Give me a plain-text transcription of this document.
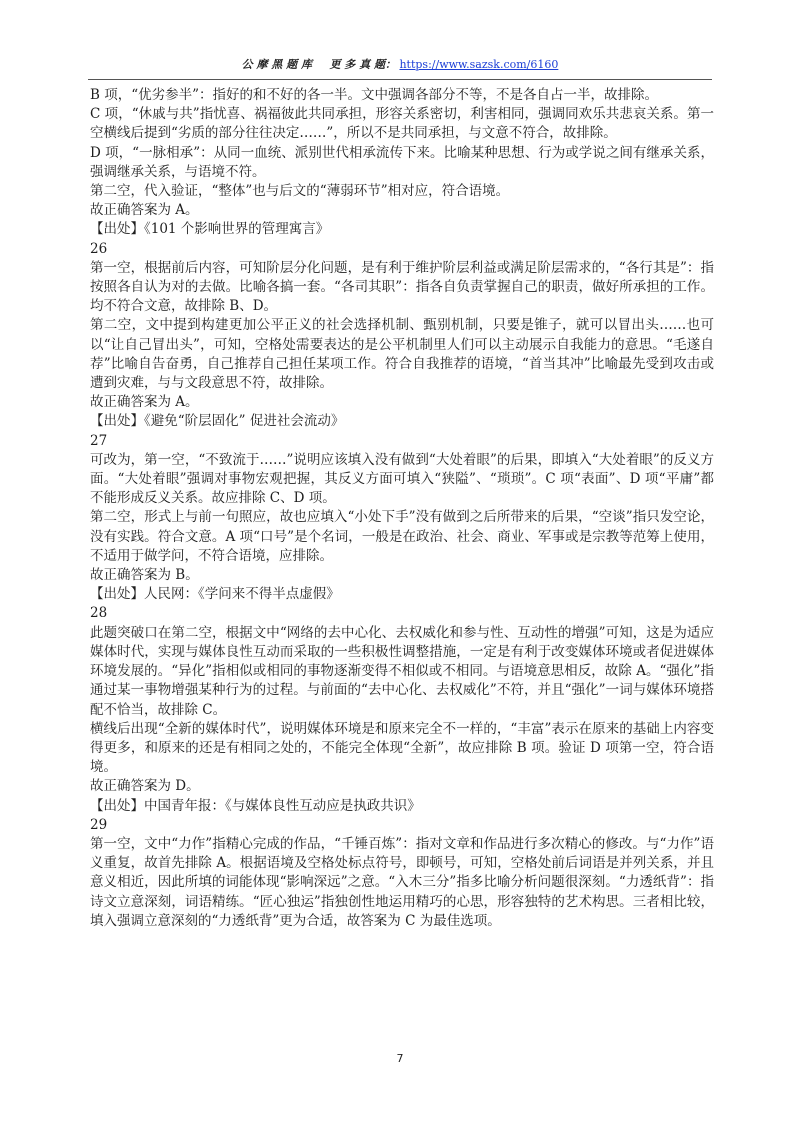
公 摩 黑 题 库 更 多 真 题： https://www.sazsk.com/6160

B 项，“优劣参半”：指好的和不好的各一半。文中强调各部分不等，不是各自占一半，故排除。

C 项，“休戚与共”指忧喜、祸福彼此共同承担，形容关系密切，利害相同，强调同欢乐共悲哀关系。第一空横线后提到“劣质的部分往往决定……”，所以不是共同承担，与文意不符合，故排除。

D 项，“一脉相承”：从同一血统、派别世代相承流传下来。比喻某种思想、行为或学说之间有继承关系，强调继承关系，与语境不符。

第二空，代入验证，“整体”也与后文的“薄弱环节”相对应，符合语境。

故正确答案为 A。

【出处】《101 个影响世界的管理寓言》

26

第一空，根据前后内容，可知阶层分化问题，是有利于维护阶层利益或满足阶层需求的，“各行其是”：指按照各自认为对的去做。比喻各搞一套。“各司其职”：指各自负责掌握自己的职责，做好所承担的工作。均不符合文意，故排除 B、D。

第二空，文中提到构建更加公平正义的社会选择机制、甄别机制，只要是锥子，就可以冒出头……也可以“让自己冒出头”，可知，空格处需要表达的是公平机制里人们可以主动展示自我能力的意思。“毛遂自荐”比喻自告奋勇，自己推荐自己担任某项工作。符合自我推荐的语境，“首当其冲”比喻最先受到攻击或遭到灾难，与与文段意思不符，故排除。

故正确答案为 A。

【出处】《避免“阶层固化” 促进社会流动》

27

可改为，第一空，“不致流于……”说明应该填入没有做到“大处着眼”的后果，即填入“大处着眼”的反义方面。“大处着眼”强调对事物宏观把握，其反义方面可填入“狭隘”、“琐琐”。C 项“表面”、D 项“平庸”都不能形成反义关系。故应排除 C、D 项。

第二空，形式上与前一句照应，故也应填入“小处下手”没有做到之后所带来的后果，“空谈”指只发空论，没有实践。符合文意。A 项“口号”是个名词，一般是在政治、社会、商业、军事或是宗教等范筹上使用，不适用于做学问，不符合语境，应排除。

故正确答案为 B。

【出处】人民网：《学问来不得半点虚假》

28

此题突破口在第二空，根据文中“网络的去中心化、去权威化和参与性、互动性的增强”可知，这是为适应媒体时代，实现与媒体良性互动而采取的一些积极性调整措施，一定是有利于改变媒体环境或者促进媒体环境发展的。“异化”指相似或相同的事物逐渐变得不相似或不相同。与语境意思相反，故除 A。“强化”指通过某一事物增强某种行为的过程。与前面的“去中心化、去权威化”不符，并且“强化”一词与媒体环境搭配不恰当，故排除 C。

横线后出现“全新的媒体时代”，说明媒体环境是和原来完全不一样的，“丰富”表示在原来的基础上内容变得更多，和原来的还是有相同之处的，不能完全体现“全新”，故应排除 B 项。验证 D 项第一空，符合语境。

故正确答案为 D。

【出处】中国青年报：《与媒体良性互动应是执政共识》

29

第一空，文中“力作”指精心完成的作品，“千锤百炼”：指对文章和作品进行多次精心的修改。与“力作”语义重复，故首先排除 A。根据语境及空格处标点符号，即顿号，可知，空格处前后词语是并列关系，并且意义相近，因此所填的词能体现“影响深远”之意。“入木三分”指多比喻分析问题很深刻。“力透纸背”：指诗文立意深刻，词语精练。“匠心独运”指独创性地运用精巧的心思，形容独特的艺术构思。三者相比较，填入强调立意深刻的“力透纸背”更为合适，故答案为 C 为最佳选项。

7
